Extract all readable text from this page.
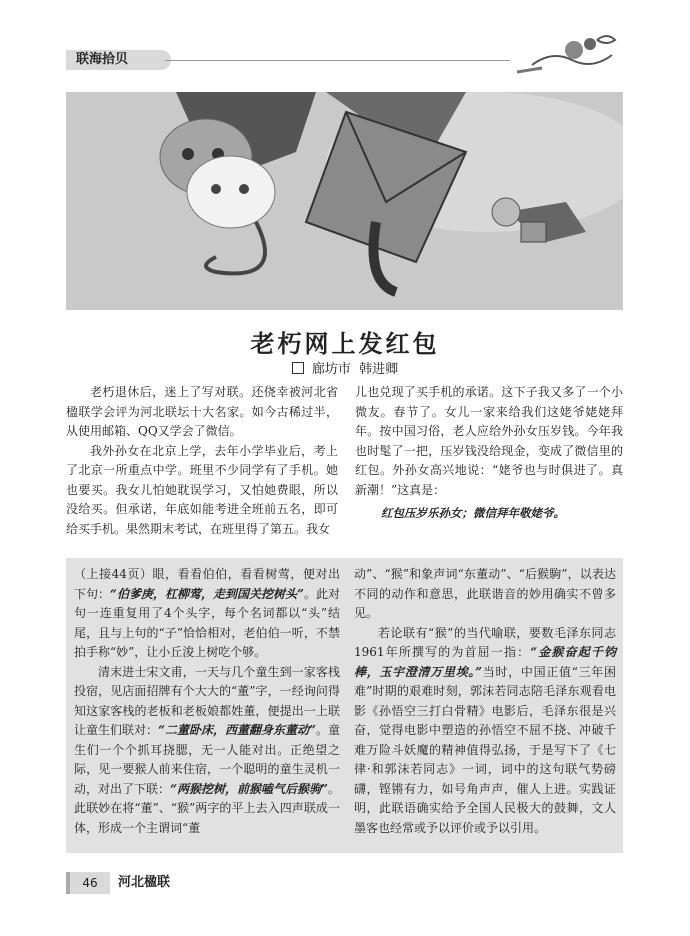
联海拾贝
老朽网上发红包
廊坊市 韩进卿

老朽退休后，迷上了写对联。还侥幸被河北省楹联学会评为河北联坛十大名家。如今古稀过半，从使用邮箱、QQ又学会了微信。

我外孙女在北京上学，去年小学毕业后，考上了北京一所重点中学。班里不少同学有了手机。她也要买。我女儿怕她耽误学习，又怕她费眼，所以没给买。但承诺，年底如能考进全班前五名，即可给买手机。果然期末考试，在班里得了第五。我女

儿也兑现了买手机的承诺。这下子我又多了一个小微友。春节了。女儿一家来给我们这姥爷姥姥拜年。按中国习俗，老人应给外孙女压岁钱。今年我也时髦了一把，压岁钱没给现金，变成了微信里的红包。外孙女高兴地说：“姥爷也与时俱进了。真新潮！”这真是：

红包压岁乐孙女；微信拜年敬姥爷。

（上接44页）眼，看看伯伯，看看树莺，便对出下句：“伯爹庚，杠柳莺，走到国关挖树头”。此对句一连重复用了4个头字，每个名词都以“头”结尾，且与上句的“子”恰恰相对，老伯伯一听，不禁拍手称“妙”，让小丘浚上树吃个够。

清末进士宋文甫，一天与几个童生到一家客栈投宿，见店面招牌有个大大的“董”字，一经询问得知这家客栈的老板和老板娘都姓董，便提出一上联让童生们联对：“二董卧床，西董翻身东董动”。童生们一个个抓耳挠腮，无一人能对出。正绝望之际，见一要猴人前来住宿，一个聪明的童生灵机一动，对出了下联：“两猴挖树，前猴嗑气后猴驹”。此联妙在将“董”、“猴”两字的平上去入四声联成一体，形成一个主谓词“董

动”、“猴”和象声词“东董动”、“后猴駒”，以表达不同的动作和意思，此联谐音的妙用确实不曾多见。

若论联有“猴”的当代喻联，要数毛泽东同志1961年所撰写的为首屈一指：“金猴奋起千钧棒，玉宇澄清万里埃。”当时，中国正值“三年困难”时期的艰难时刻，郭沫若同志陪毛泽东观看电影《孙悟空三打白骨精》电影后，毛泽东很是兴奋，觉得电影中塑造的孙悟空不屈不挠、冲破千难万险斗妖魔的精神值得弘扬，于是写下了《七律·和郭沫若同志》一词，词中的这句联气势磅礴，铿锵有力，如号角声声，催人上进。实践证明，此联语确实给予全国人民极大的鼓舞，文人墨客也经常或予以评价或予以引用。

46	河北楹联
